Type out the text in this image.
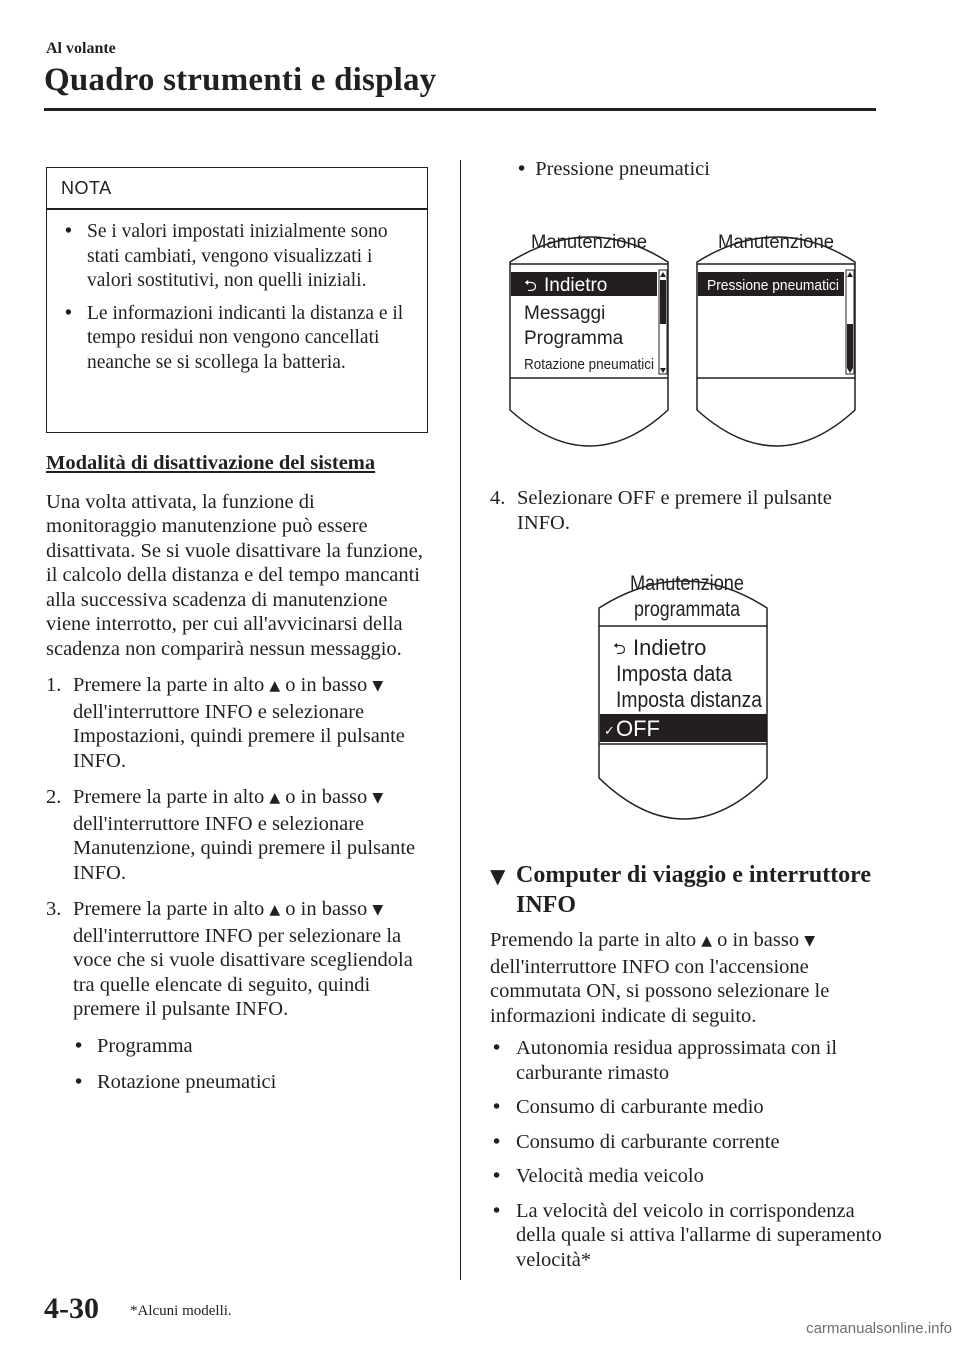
Al volante
Quadro strumenti e display
NOTA
• Se i valori impostati inizialmente sono stati cambiati, vengono visualizzati i valori sostitutivi, non quelli iniziali.
• Le informazioni indicanti la distanza e il tempo residui non vengono cancellati neanche se si scollega la batteria.
Modalità di disattivazione del sistema

Una volta attivata, la funzione di monitoraggio manutenzione può essere disattivata. Se si vuole disattivare la funzione, il calcolo della distanza e del tempo mancanti alla successiva scadenza di manutenzione viene interrotto, per cui all'avvicinarsi della scadenza non comparirà nessun messaggio.

1. Premere la parte in alto ▲ o in basso ▼ dell'interruttore INFO e selezionare Impostazioni, quindi premere il pulsante INFO.
2. Premere la parte in alto ▲ o in basso ▼ dell'interruttore INFO e selezionare Manutenzione, quindi premere il pulsante INFO.
3. Premere la parte in alto ▲ o in basso ▼ dell'interruttore INFO per selezionare la voce che si vuole disattivare scegliendola tra quelle elencate di seguito, quindi premere il pulsante INFO.
• Programma
• Rotazione pneumatici
• Pressione pneumatici
Manutenzione
⮌ Indietro
Messaggi
Programma
Rotazione pneumatici
Manutenzione
Pressione pneumatici
4. Selezionare OFF e premere il pulsante INFO.
Manutenzione
programmata
⮌ Indietro
Imposta data
Imposta distanza
✓ OFF
▼ Computer di viaggio e interruttore INFO

Premendo la parte in alto ▲ o in basso ▼ dell'interruttore INFO con l'accensione commutata ON, si possono selezionare le informazioni indicate di seguito.

• Autonomia residua approssimata con il carburante rimasto
• Consumo di carburante medio
• Consumo di carburante corrente
• Velocità media veicolo
• La velocità del veicolo in corrispondenza della quale si attiva l'allarme di superamento velocità*
4-30 *Alcuni modelli.
carmanualsonline.info
